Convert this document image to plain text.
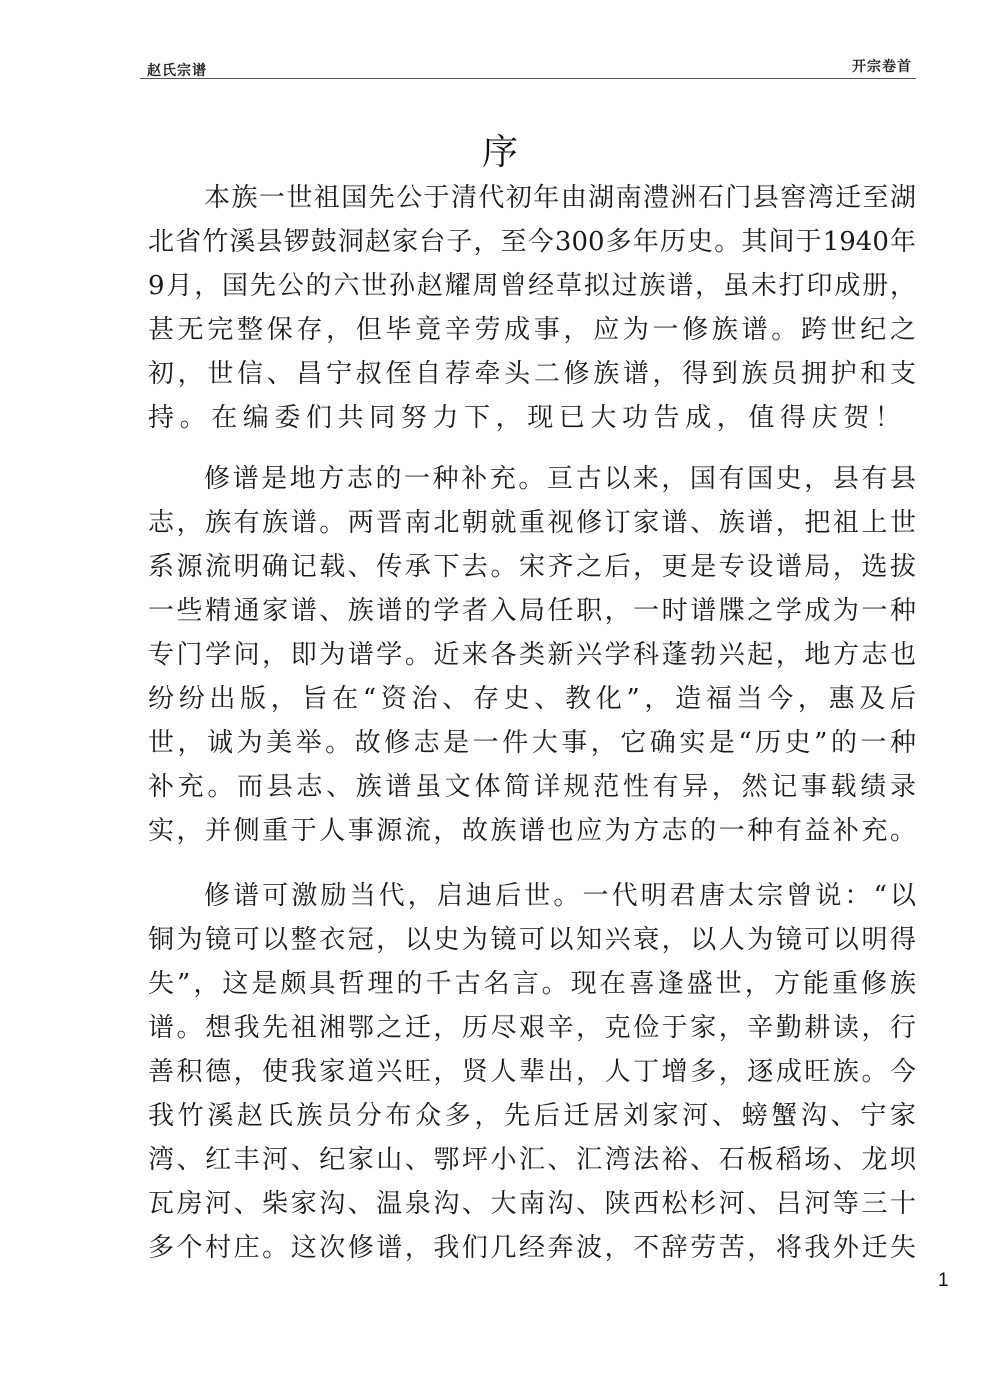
赵氏宗谱	开宗卷首
序
本族一世祖国先公于清代初年由湖南澧洲石门县窖湾迁至湖
北省竹溪县锣鼓洞赵家台子，至今300多年历史。其间于1940年
9月，国先公的六世孙赵耀周曾经草拟过族谱，虽未打印成册，
甚无完整保存，但毕竟辛劳成事，应为一修族谱。跨世纪之
初，世信、昌宁叔侄自荐牵头二修族谱，得到族员拥护和支
持。在编委们共同努力下，现已大功告成，值得庆贺！
修谱是地方志的一种补充。亘古以来，国有国史，县有县
志，族有族谱。两晋南北朝就重视修订家谱、族谱，把祖上世
系源流明确记载、传承下去。宋齐之后，更是专设谱局，选拔
一些精通家谱、族谱的学者入局任职，一时谱牒之学成为一种
专门学问，即为谱学。近来各类新兴学科蓬勃兴起，地方志也
纷纷出版，旨在“资治、存史、教化”，造福当今，惠及后
世，诚为美举。故修志是一件大事，它确实是“历史”的一种
补充。而县志、族谱虽文体简详规范性有异，然记事载绩录
实，并侧重于人事源流，故族谱也应为方志的一种有益补充。
修谱可激励当代，启迪后世。一代明君唐太宗曾说：“以
铜为镜可以整衣冠，以史为镜可以知兴衰，以人为镜可以明得
失”，这是颇具哲理的千古名言。现在喜逢盛世，方能重修族
谱。想我先祖湘鄂之迁，历尽艰辛，克俭于家，辛勤耕读，行
善积德，使我家道兴旺，贤人辈出，人丁增多，逐成旺族。今
我竹溪赵氏族员分布众多，先后迁居刘家河、螃蟹沟、宁家
湾、红丰河、纪家山、鄂坪小汇、汇湾法裕、石板稻场、龙坝
瓦房河、柴家沟、温泉沟、大南沟、陕西松杉河、吕河等三十
多个村庄。这次修谱，我们几经奔波，不辞劳苦，将我外迁失
1
